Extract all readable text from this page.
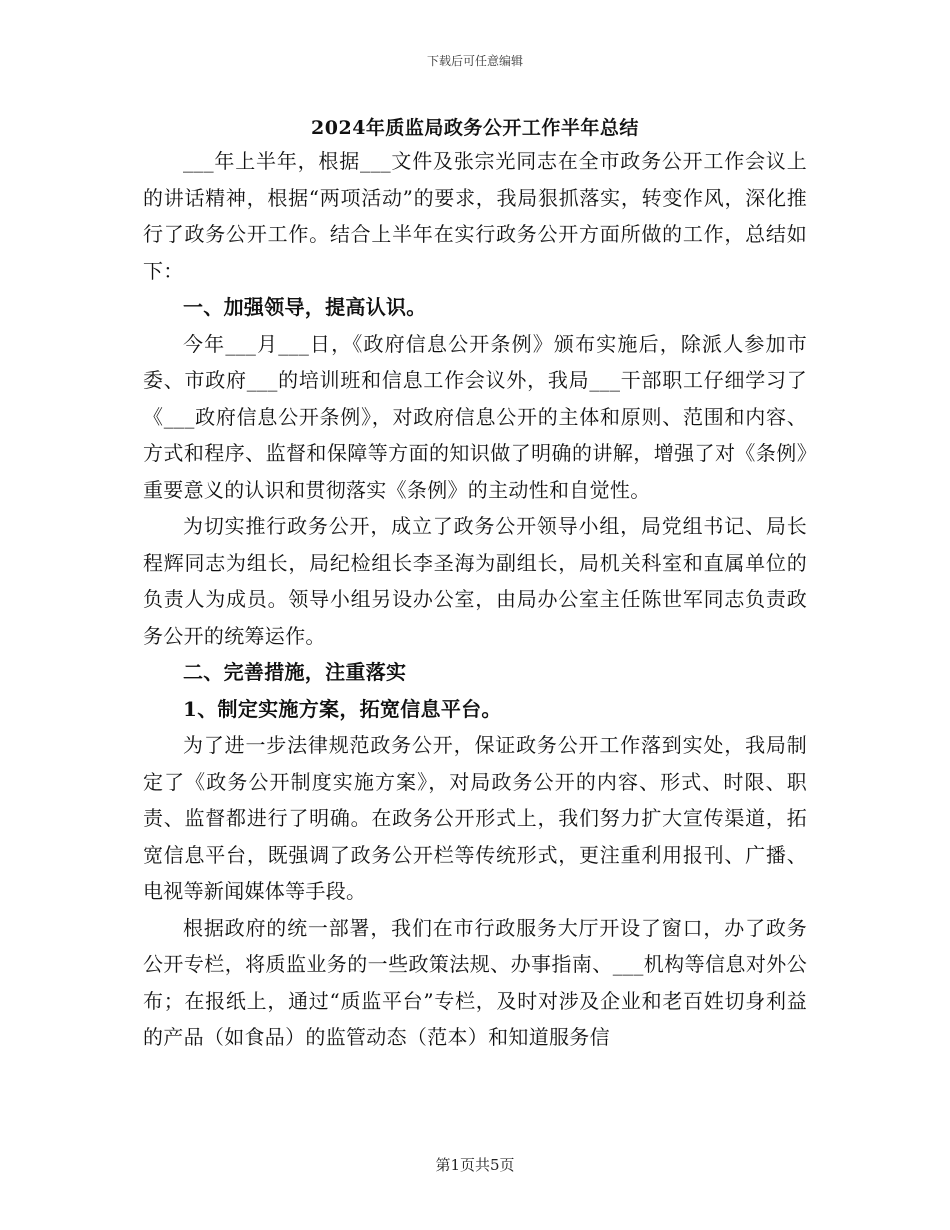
下载后可任意编辑
2024年质监局政务公开工作半年总结

___年上半年，根据___文件及张宗光同志在全市政务公开工作会议上的讲话精神，根据“两项活动”的要求，我局狠抓落实，转变作风，深化推行了政务公开工作。结合上半年在实行政务公开方面所做的工作，总结如下：

一、加强领导，提高认识。

今年___月___日，《政府信息公开条例》颁布实施后，除派人参加市委、市政府___的培训班和信息工作会议外，我局___干部职工仔细学习了《___政府信息公开条例》，对政府信息公开的主体和原则、范围和内容、方式和程序、监督和保障等方面的知识做了明确的讲解，增强了对《条例》重要意义的认识和贯彻落实《条例》的主动性和自觉性。

为切实推行政务公开，成立了政务公开领导小组，局党组书记、局长程辉同志为组长，局纪检组长李圣海为副组长，局机关科室和直属单位的负责人为成员。领导小组另设办公室，由局办公室主任陈世军同志负责政务公开的统筹运作。

二、完善措施，注重落实

1、制定实施方案，拓宽信息平台。

为了进一步法律规范政务公开，保证政务公开工作落到实处，我局制定了《政务公开制度实施方案》，对局政务公开的内容、形式、时限、职责、监督都进行了明确。在政务公开形式上，我们努力扩大宣传渠道，拓宽信息平台，既强调了政务公开栏等传统形式，更注重利用报刊、广播、电视等新闻媒体等手段。

根据政府的统一部署，我们在市行政服务大厅开设了窗口，办了政务公开专栏，将质监业务的一些政策法规、办事指南、___机构等信息对外公布；在报纸上，通过“质监平台”专栏，及时对涉及企业和老百姓切身利益的产品（如食品）的监管动态（范本）和知道服务信

第1页共5页
